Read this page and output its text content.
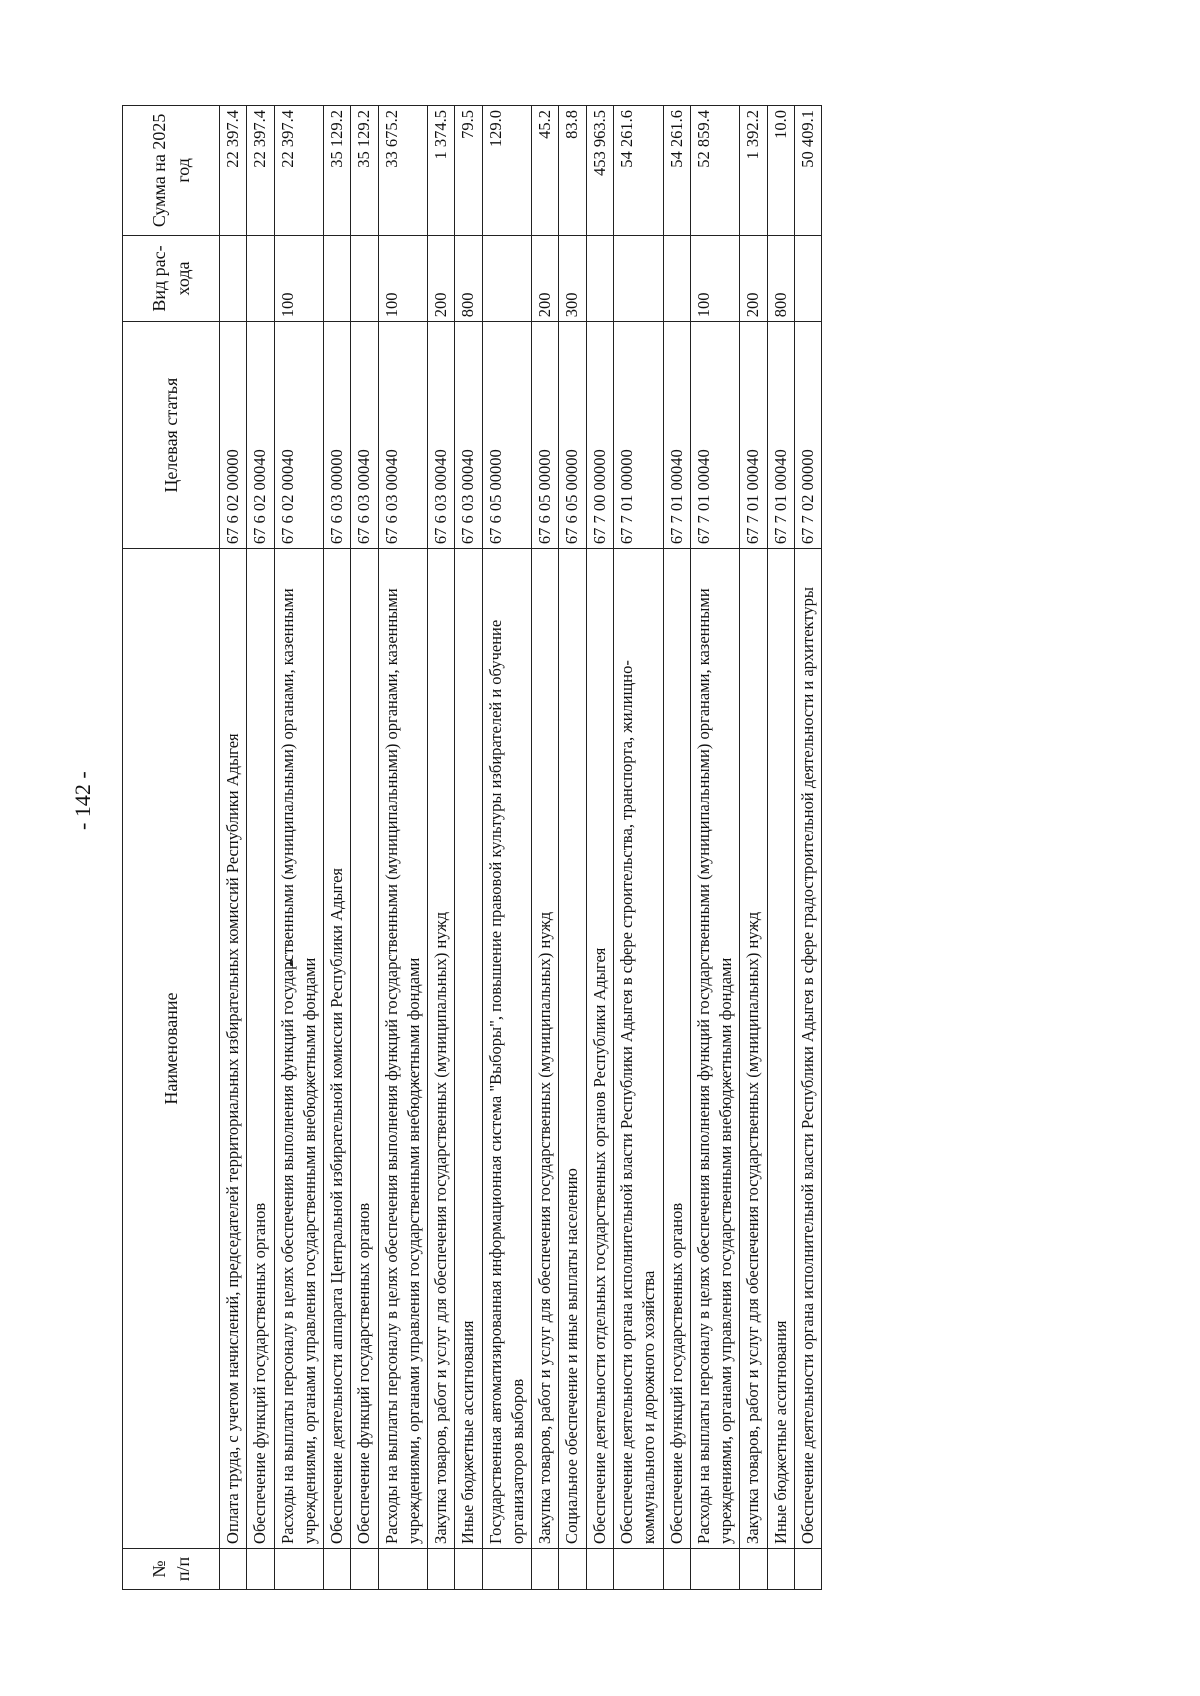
- 142 -
№ п/п	Наименование	Целевая статья	Вид рас-хода	Сумма на 2025 год
	Оплата труда, с учетом начислений, председателей территориальных избирательных комиссий Республики Адыгея	67 6 02 00000		22 397.4
	Обеспечение функций государственных органов	67 6 02 00040		22 397.4
	Расходы на выплаты персоналу в целях обеспечения выполнения функций государственными (муниципальными) органами, казенными учреждениями, органами управления государственными внебюджетными фондами	67 6 02 00040	100	22 397.4
	Обеспечение деятельности аппарата Центральной избирательной комиссии Республики Адыгея	67 6 03 00000		35 129.2
	Обеспечение функций государственных органов	67 6 03 00040		35 129.2
	Расходы на выплаты персоналу в целях обеспечения выполнения функций государственными (муниципальными) органами, казенными учреждениями, органами управления государственными внебюджетными фондами	67 6 03 00040	100	33 675.2
	Закупка товаров, работ и услуг для обеспечения государственных (муниципальных) нужд	67 6 03 00040	200	1 374.5
	Иные бюджетные ассигнования	67 6 03 00040	800	79.5
	Государственная автоматизированная информационная система "Выборы", повышение правовой культуры избирателей и обучение организаторов выборов	67 6 05 00000		129.0
	Закупка товаров, работ и услуг для обеспечения государственных (муниципальных) нужд	67 6 05 00000	200	45.2
	Социальное обеспечение и иные выплаты населению	67 6 05 00000	300	83.8
	Обеспечение деятельности отдельных государственных органов Республики Адыгея	67 7 00 00000		453 963.5
	Обеспечение деятельности органа исполнительной власти Республики Адыгея в сфере строительства, транспорта, жилищно-коммунального и дорожного хозяйства	67 7 01 00000		54 261.6
	Обеспечение функций государственных органов	67 7 01 00040		54 261.6
	Расходы на выплаты персоналу в целях обеспечения выполнения функций государственными (муниципальными) органами, казенными учреждениями, органами управления государственными внебюджетными фондами	67 7 01 00040	100	52 859.4
	Закупка товаров, работ и услуг для обеспечения государственных (муниципальных) нужд	67 7 01 00040	200	1 392.2
	Иные бюджетные ассигнования	67 7 01 00040	800	10.0
	Обеспечение деятельности органа исполнительной власти Республики Адыгея в сфере градостроительной деятельности и архитектуры	67 7 02 00000		50 409.1
